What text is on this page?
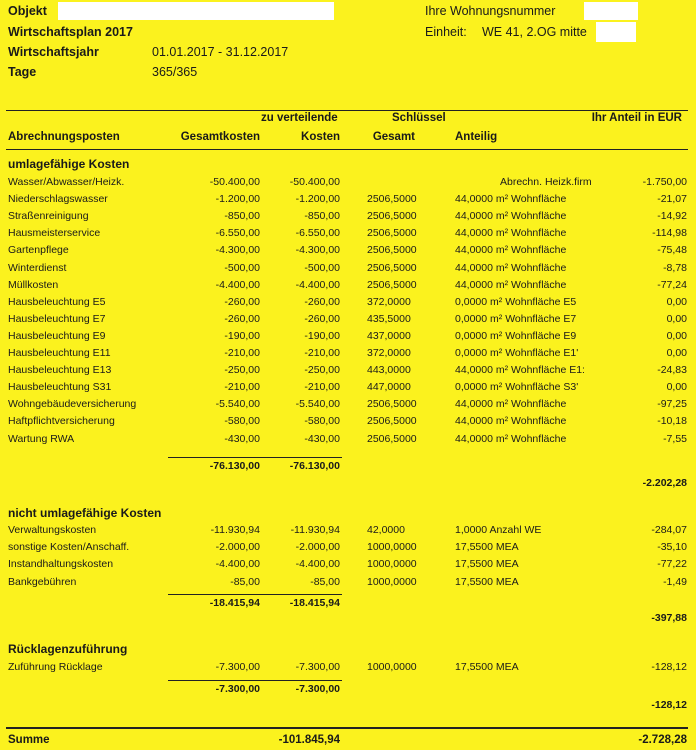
Objekt
Wirtschaftsplan 2017
Wirtschaftsjahr	01.01.2017 - 31.12.2017
Tage	365/365
Ihre Wohnungsnummer
Einheit: WE 41, 2.OG mitte
zu verteilende	Schlüssel	Ihr Anteil in EUR
Abrechnungsposten	Gesamtkosten	Kosten	Gesamt	Anteilig
umlagefähige Kosten
Wasser/Abwasser/Heizk.	-50.400,00	-50.400,00	Abrechn. Heizk.firm	-1.750,00
Niederschlagswasser	-1.200,00	-1.200,00	2506,5000	44,0000 m² Wohnfläche	-21,07
Straßenreinigung	-850,00	-850,00	2506,5000	44,0000 m² Wohnfläche	-14,92
Hausmeisterservice	-6.550,00	-6.550,00	2506,5000	44,0000 m² Wohnfläche	-114,98
Gartenpflege	-4.300,00	-4.300,00	2506,5000	44,0000 m² Wohnfläche	-75,48
Winterdienst	-500,00	-500,00	2506,5000	44,0000 m² Wohnfläche	-8,78
Müllkosten	-4.400,00	-4.400,00	2506,5000	44,0000 m² Wohnfläche	-77,24
Hausbeleuchtung E5	-260,00	-260,00	372,0000	0,0000 m² Wohnfläche E5	0,00
Hausbeleuchtung E7	-260,00	-260,00	435,5000	0,0000 m² Wohnfläche E7	0,00
Hausbeleuchtung E9	-190,00	-190,00	437,0000	0,0000 m² Wohnfläche E9	0,00
Hausbeleuchtung E11	-210,00	-210,00	372,0000	0,0000 m² Wohnfläche E1'	0,00
Hausbeleuchtung E13	-250,00	-250,00	443,0000	44,0000 m² Wohnfläche E1:	-24,83
Hausbeleuchtung S31	-210,00	-210,00	447,0000	0,0000 m² Wohnfläche S3'	0,00
Wohngebäudeversicherung	-5.540,00	-5.540,00	2506,5000	44,0000 m² Wohnfläche	-97,25
Haftpflichtversicherung	-580,00	-580,00	2506,5000	44,0000 m² Wohnfläche	-10,18
Wartung RWA	-430,00	-430,00	2506,5000	44,0000 m² Wohnfläche	-7,55
-76.130,00	-76.130,00
-2.202,28
nicht umlagefähige Kosten
Verwaltungskosten	-11.930,94	-11.930,94	42,0000	1,0000 Anzahl WE	-284,07
sonstige Kosten/Anschaff.	-2.000,00	-2.000,00	1000,0000	17,5500 MEA	-35,10
Instandhaltungskosten	-4.400,00	-4.400,00	1000,0000	17,5500 MEA	-77,22
Bankgebühren	-85,00	-85,00	1000,0000	17,5500 MEA	-1,49
-18.415,94	-18.415,94
-397,88
Rücklagenzuführung
Zuführung Rücklage	-7.300,00	-7.300,00	1000,0000	17,5500 MEA	-128,12
-7.300,00	-7.300,00
-128,12
Summe	-101.845,94	-2.728,28
